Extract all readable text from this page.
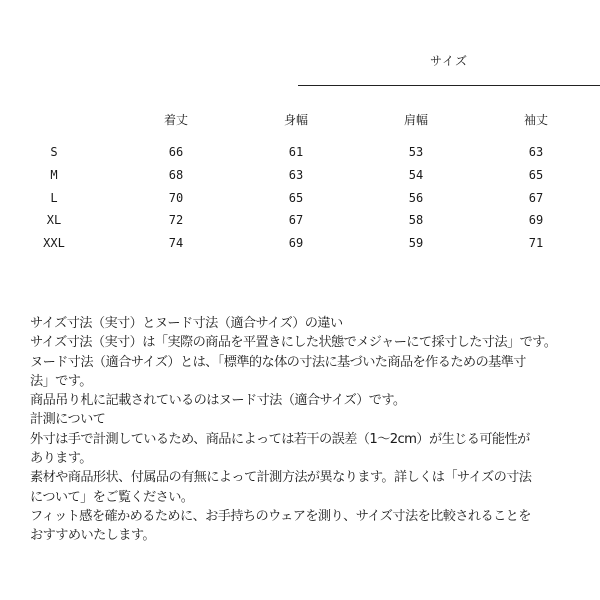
サイズ
着丈	身幅	肩幅	袖丈
S	66	61	53	63
M	68	63	54	65
L	70	65	56	67
XL	72	67	58	69
XXL	74	69	59	71

サイズ寸法（実寸）とヌード寸法（適合サイズ）の違い

サイズ寸法（実寸）は「実際の商品を平置きにした状態でメジャーにて採寸した寸法」です。

ヌード寸法（適合サイズ）とは、「標準的な体の寸法に基づいた商品を作るための基準寸

法」です。

商品吊り札に記載されているのはヌード寸法（適合サイズ）です。

計測について

外寸は手で計測しているため、商品によっては若干の誤差（1～2cm）が生じる可能性が

あります。

素材や商品形状、付属品の有無によって計測方法が異なります。詳しくは「サイズの寸法

について」をご覧ください。

フィット感を確かめるために、お手持ちのウェアを測り、サイズ寸法を比較されることを

おすすめいたします。
